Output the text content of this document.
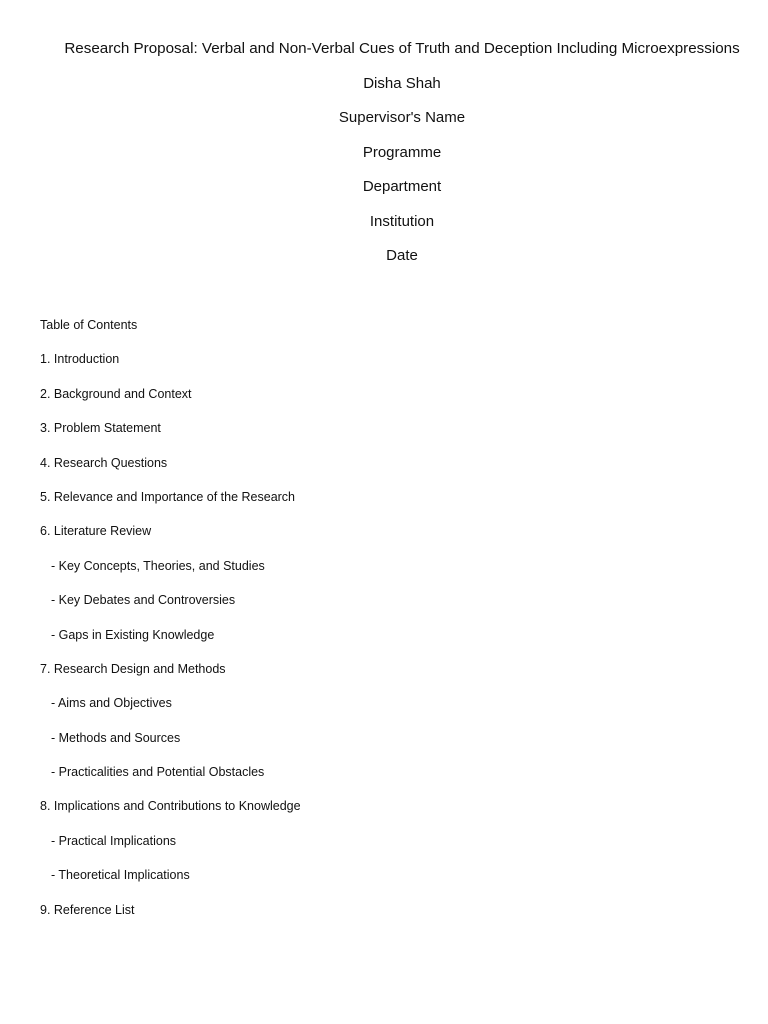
Research Proposal: Verbal and Non-Verbal Cues of Truth and Deception Including Microexpressions

Disha Shah

Supervisor's Name

Programme

Department

Institution

Date

Table of Contents

1. Introduction

2. Background and Context

3. Problem Statement

4. Research Questions

5. Relevance and Importance of the Research

6. Literature Review

- Key Concepts, Theories, and Studies

- Key Debates and Controversies

- Gaps in Existing Knowledge

7. Research Design and Methods

- Aims and Objectives

- Methods and Sources

- Practicalities and Potential Obstacles

8. Implications and Contributions to Knowledge

- Practical Implications

- Theoretical Implications

9. Reference List
